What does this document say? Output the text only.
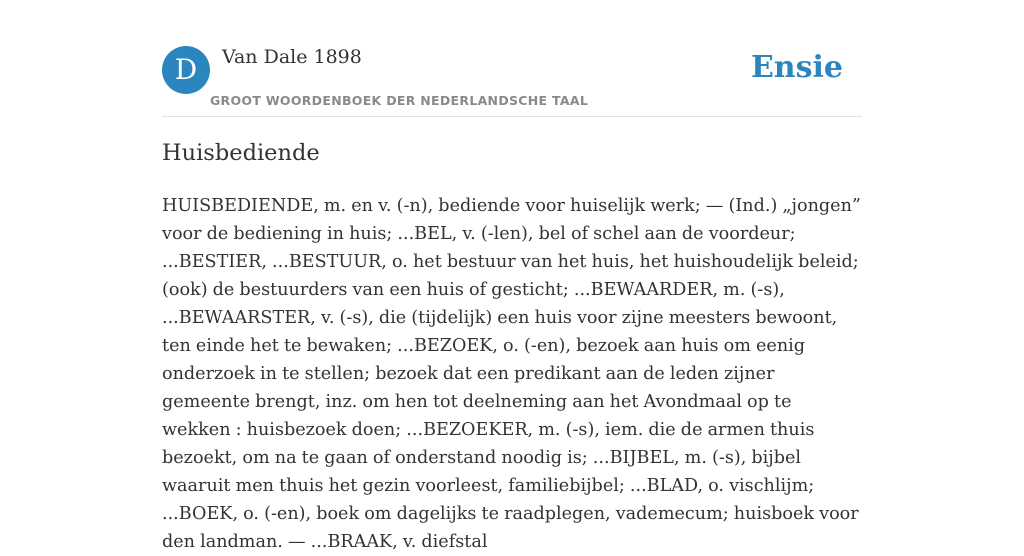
D	Van Dale 1898
GROOT WOORDENBOEK DER NEDERLANDSCHE TAAL
Ensie
Huisbediende

HUISBEDIENDE, m. en v. (-n), bediende voor huiselijk werk; — (Ind.) „jongen” voor de bediening in huis; ...BEL, v. (-len), bel of schel aan de voordeur; ...BESTIER, ...BESTUUR, o. het bestuur van het huis, het huishoudelijk beleid; (ook) de bestuurders van een huis of gesticht; ...BEWAARDER, m. (-s), ...BEWAARSTER, v. (-s), die (tijdelijk) een huis voor zijne meesters bewoont, ten einde het te bewaken; ...BEZOEK, o. (-en), bezoek aan huis om eenig onderzoek in te stellen; bezoek dat een predikant aan de leden zijner gemeente brengt, inz. om hen tot deelneming aan het Avondmaal op te wekken : huisbezoek doen; ...BEZOEKER, m. (-s), iem. die de armen thuis bezoekt, om na te gaan of onderstand noodig is; ...BIJBEL, m. (-s), bijbel waaruit men thuis het gezin voorleest, familiebijbel; ...BLAD, o. vischlijm; ...BOEK, o. (-en), boek om dagelijks te raadplegen, vademecum; huisboek voor den landman. — ...BRAAK, v. diefstal
